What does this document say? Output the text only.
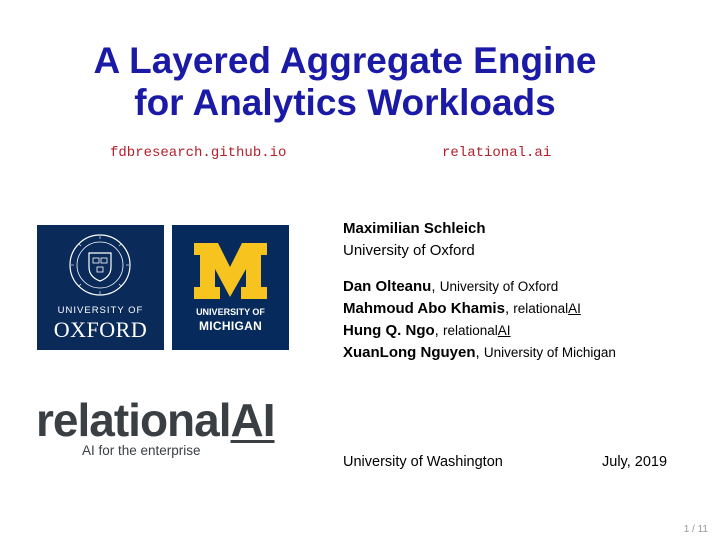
A Layered Aggregate Engine
for Analytics Workloads
fdbresearch.github.io	relational.ai
UNIVERSITY OF
OXFORD
UNIVERSITY OF
MICHIGAN
relationalAI
AI for the enterprise
Maximilian Schleich
University of Oxford
Dan Olteanu, University of Oxford
Mahmoud Abo Khamis, relationalAI
Hung Q. Ngo, relationalAI
XuanLong Nguyen, University of Michigan
University of Washington	July, 2019
1 / 11
